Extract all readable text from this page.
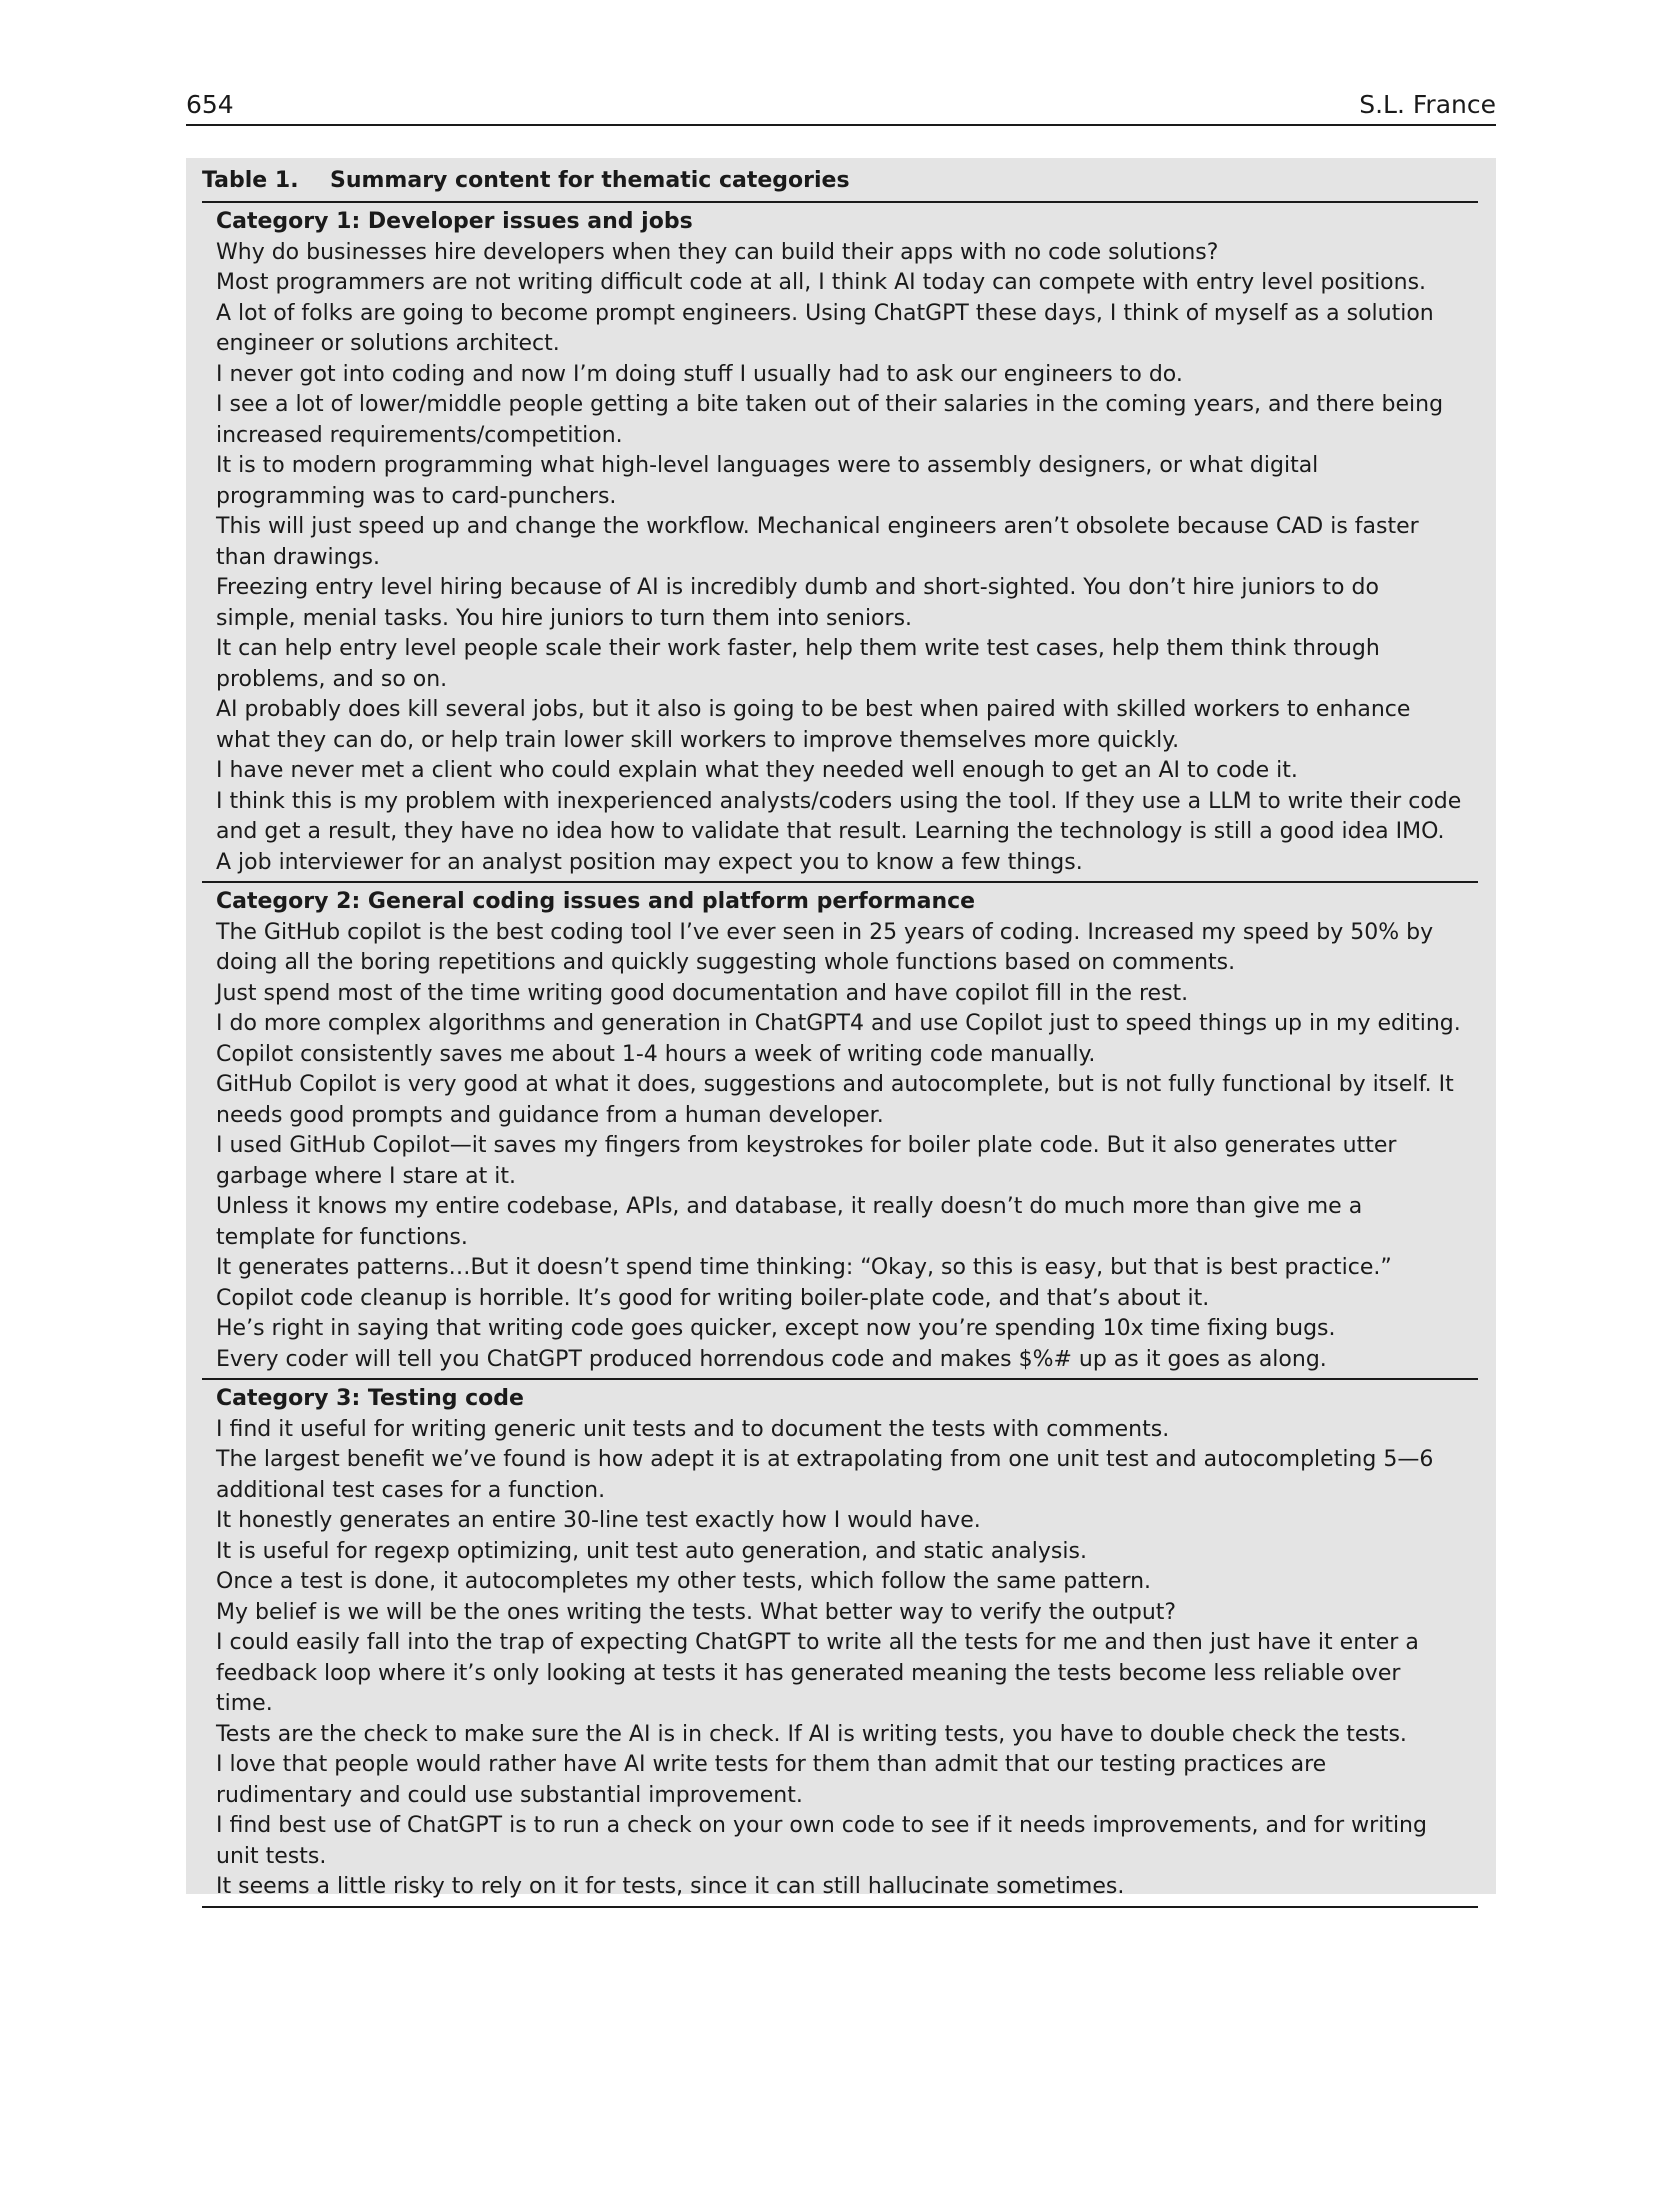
654	S.L. France
Table 1. Summary content for thematic categories
Category 1: Developer issues and jobs
Why do businesses hire developers when they can build their apps with no code solutions?
Most programmers are not writing difficult code at all, I think AI today can compete with entry level positions.
A lot of folks are going to become prompt engineers. Using ChatGPT these days, I think of myself as a solution engineer or solutions architect.
I never got into coding and now I’m doing stuff I usually had to ask our engineers to do.
I see a lot of lower/middle people getting a bite taken out of their salaries in the coming years, and there being increased requirements/competition.
It is to modern programming what high-level languages were to assembly designers, or what digital programming was to card-punchers.
This will just speed up and change the workflow. Mechanical engineers aren’t obsolete because CAD is faster than drawings.
Freezing entry level hiring because of AI is incredibly dumb and short-sighted. You don’t hire juniors to do simple, menial tasks. You hire juniors to turn them into seniors.
It can help entry level people scale their work faster, help them write test cases, help them think through problems, and so on.
AI probably does kill several jobs, but it also is going to be best when paired with skilled workers to enhance what they can do, or help train lower skill workers to improve themselves more quickly.
I have never met a client who could explain what they needed well enough to get an AI to code it.
I think this is my problem with inexperienced analysts/coders using the tool. If they use a LLM to write their code and get a result, they have no idea how to validate that result. Learning the technology is still a good idea IMO. A job interviewer for an analyst position may expect you to know a few things.
Category 2: General coding issues and platform performance
The GitHub copilot is the best coding tool I’ve ever seen in 25 years of coding. Increased my speed by 50% by doing all the boring repetitions and quickly suggesting whole functions based on comments.
Just spend most of the time writing good documentation and have copilot fill in the rest.
I do more complex algorithms and generation in ChatGPT4 and use Copilot just to speed things up in my editing.
Copilot consistently saves me about 1-4 hours a week of writing code manually.
GitHub Copilot is very good at what it does, suggestions and autocomplete, but is not fully functional by itself. It needs good prompts and guidance from a human developer.
I used GitHub Copilot—it saves my fingers from keystrokes for boiler plate code. But it also generates utter garbage where I stare at it.
Unless it knows my entire codebase, APIs, and database, it really doesn’t do much more than give me a template for functions.
It generates patterns…But it doesn’t spend time thinking: “Okay, so this is easy, but that is best practice.”
Copilot code cleanup is horrible. It’s good for writing boiler-plate code, and that’s about it.
He’s right in saying that writing code goes quicker, except now you’re spending 10x time fixing bugs.
Every coder will tell you ChatGPT produced horrendous code and makes $%# up as it goes as along.
Category 3: Testing code
I find it useful for writing generic unit tests and to document the tests with comments.
The largest benefit we’ve found is how adept it is at extrapolating from one unit test and autocompleting 5—6 additional test cases for a function.
It honestly generates an entire 30-line test exactly how I would have.
It is useful for regexp optimizing, unit test auto generation, and static analysis.
Once a test is done, it autocompletes my other tests, which follow the same pattern.
My belief is we will be the ones writing the tests. What better way to verify the output?
I could easily fall into the trap of expecting ChatGPT to write all the tests for me and then just have it enter a feedback loop where it’s only looking at tests it has generated meaning the tests become less reliable over time.
Tests are the check to make sure the AI is in check. If AI is writing tests, you have to double check the tests.
I love that people would rather have AI write tests for them than admit that our testing practices are rudimentary and could use substantial improvement.
I find best use of ChatGPT is to run a check on your own code to see if it needs improvements, and for writing unit tests.
It seems a little risky to rely on it for tests, since it can still hallucinate sometimes.
